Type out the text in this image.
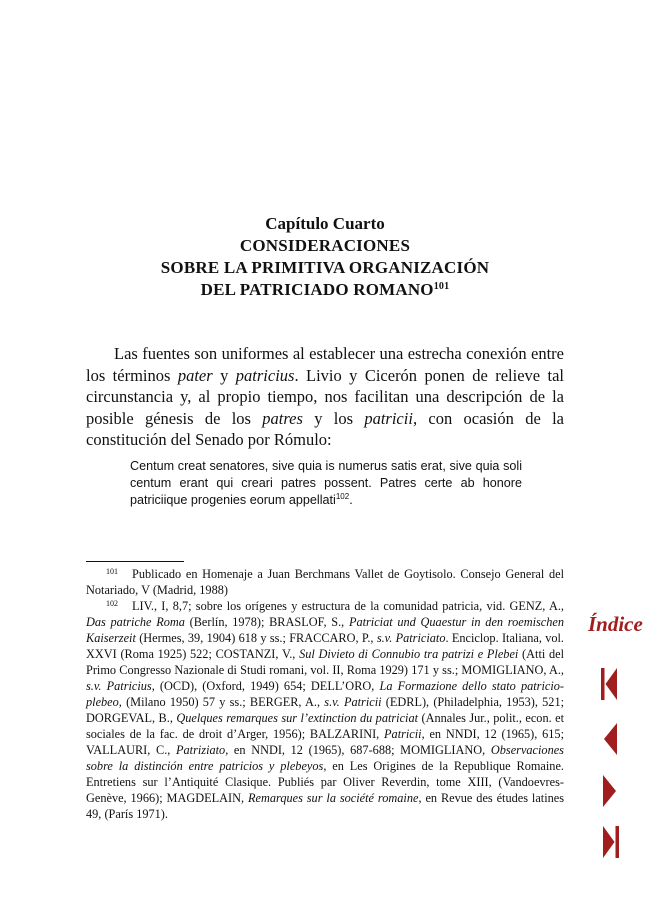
Capítulo Cuarto
CONSIDERACIONES
SOBRE LA PRIMITIVA ORGANIZACIÓN
DEL PATRICIADO ROMANO$^{101}$

Las fuentes son uniformes al establecer una estrecha conexión entre los términos pater y patricius. Livio y Cicerón ponen de relieve tal circunstancia y, al propio tiempo, nos facilitan una descripción de la posible génesis de los patres y los patricii, con ocasión de la constitución del Senado por Rómulo:

Centum creat senatores, sive quia is numerus satis erat, sive quia soli centum erant qui creari patres possent. Patres certe ab honore patriciique progenies eorum appellati$^{102}$.

$^{101}$ Publicado en Homenaje a Juan Berchmans Vallet de Goytisolo. Consejo General del Notariado, V (Madrid, 1988)

$^{102}$ LIV., I, 8,7; sobre los orígenes y estructura de la comunidad patricia, vid. GENZ, A., Das patriche Roma (Berlín, 1978); BRASLOF, S., Patriciat und Quaestur in den roemischen Kaiserzeit (Hermes, 39, 1904) 618 y ss.; FRACCARO, P., s.v. Patriciato. Enciclop. Italiana, vol. XXVI (Roma 1925) 522; COSTANZI, V., Sul Divieto di Connubio tra patrizi e Plebei (Atti del Primo Congresso Nazionale di Studi romani, vol. II, Roma 1929) 171 y ss.; MOMIGLIANO, A., s.v. Patricius, (OCD), (Oxford, 1949) 654; DELL’ORO, La Formazione dello stato patricio-plebeo, (Milano 1950) 57 y ss.; BERGER, A., s.v. Patricii (EDRL), (Philadelphia, 1953), 521; DORGEVAL, B., Quelques remarques sur l’extinction du patriciat (Annales Jur., polit., econ. et sociales de la fac. de droit d’Arger, 1956); BALZARINI, Patricii, en NNDI, 12 (1965), 615; VALLAURI, C., Patriziato, en NNDI, 12 (1965), 687-688; MOMIGLIANO, Observaciones sobre la distinción entre patricios y plebeyos, en Les Origines de la Republique Romaine. Entretiens sur l’Antiquité Clasique. Publiés par Oliver Reverdin, tome XIII, (Vandoevres-Genève, 1966); MAGDELAIN, Remarques sur la société romaine, en Revue des études latines 49, (París 1971).

Índice
